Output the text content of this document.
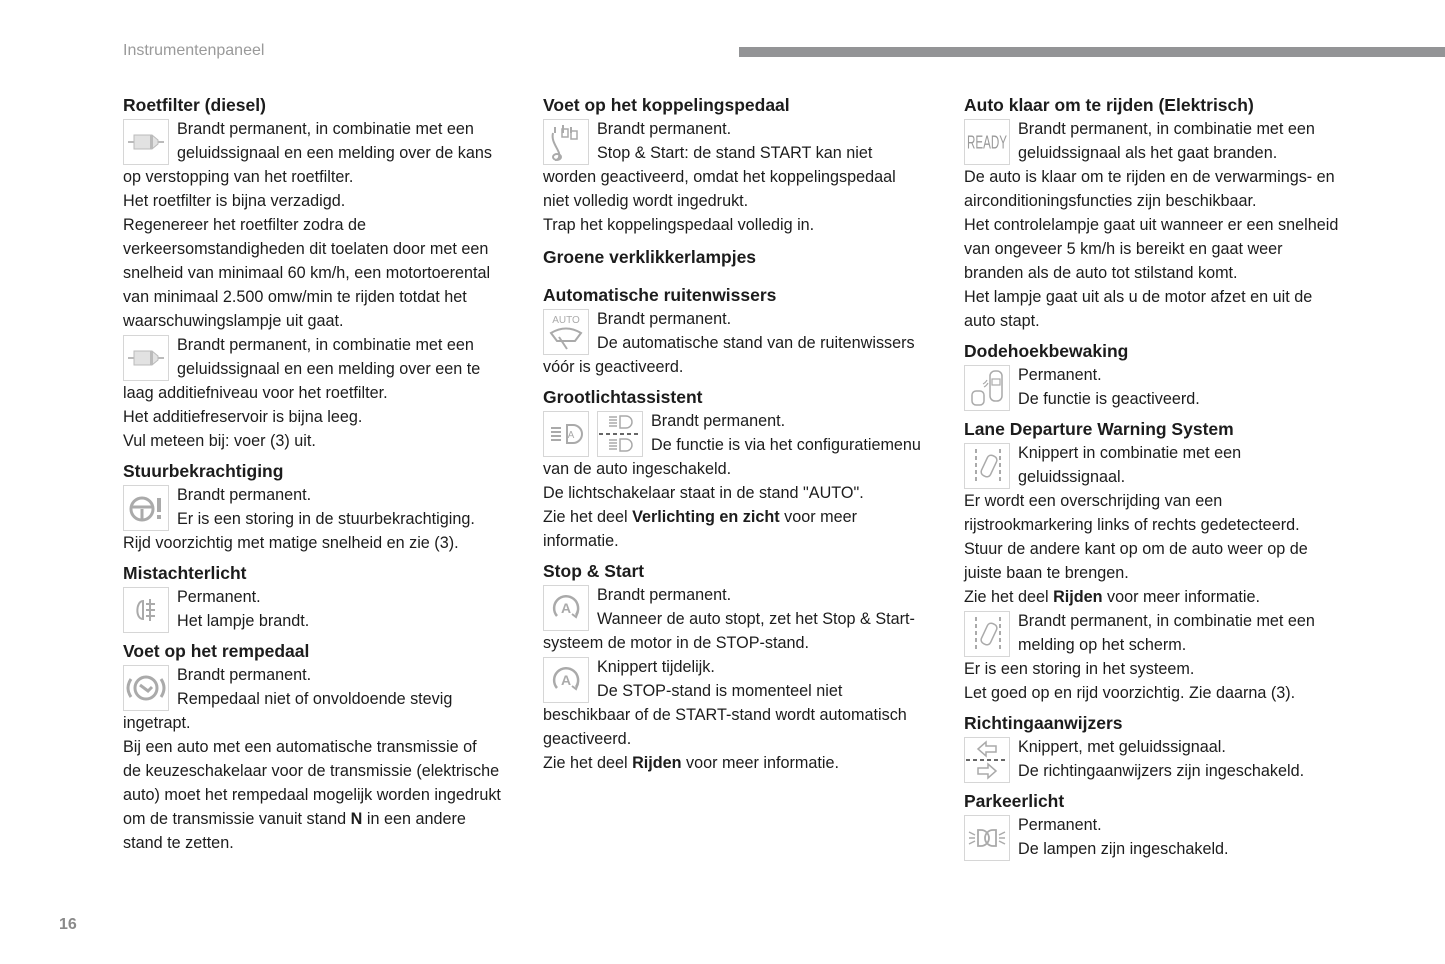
Instrumentenpaneel
16
Roetfilter (diesel)
Brandt permanent, in combinatie met een
geluidssignaal en een melding over de kans
op verstopping van het roetfilter.
Het roetfilter is bijna verzadigd.
Regenereer het roetfilter zodra de
verkeersomstandigheden dit toelaten door met een
snelheid van minimaal 60 km/h, een motortoerental
van minimaal 2.500 omw/min te rijden totdat het
waarschuwingslampje uit gaat.
Brandt permanent, in combinatie met een
geluidssignaal en een melding over een te
laag additiefniveau voor het roetfilter.
Het additiefreservoir is bijna leeg.
Vul meteen bij: voer (3) uit.
Stuurbekrachtiging
Brandt permanent.
Er is een storing in de stuurbekrachtiging.
Rijd voorzichtig met matige snelheid en zie (3).
Mistachterlicht
Permanent.
Het lampje brandt.
Voet op het rempedaal
Brandt permanent.
Rempedaal niet of onvoldoende stevig
ingetrapt.
Bij een auto met een automatische transmissie of
de keuzeschakelaar voor de transmissie (elektrische
auto) moet het rempedaal mogelijk worden ingedrukt
om de transmissie vanuit stand N in een andere
stand te zetten.
Voet op het koppelingspedaal
Brandt permanent.
Stop & Start: de stand START kan niet
worden geactiveerd, omdat het koppelingspedaal
niet volledig wordt ingedrukt.
Trap het koppelingspedaal volledig in.
Groene verklikkerlampjes
Automatische ruitenwissers
AUTO	Brandt permanent.
De automatische stand van de ruitenwissers
vóór is geactiveerd.
Grootlichtassistent
A
Brandt permanent.
De functie is via het configuratiemenu
van de auto ingeschakeld.
De lichtschakelaar staat in de stand "AUTO".
Zie het deel Verlichting en zicht voor meer
informatie.
Stop & Start
A
Brandt permanent.
Wanneer de auto stopt, zet het Stop & Start-
systeem de motor in de STOP-stand.
A
Knippert tijdelijk.
De STOP-stand is momenteel niet
beschikbaar of de START-stand wordt automatisch
geactiveerd.
Zie het deel Rijden voor meer informatie.
Auto klaar om te rijden (Elektrisch)
READY
Brandt permanent, in combinatie met een
geluidssignaal als het gaat branden.
De auto is klaar om te rijden en de verwarmings- en
airconditioningsfuncties zijn beschikbaar.
Het controlelampje gaat uit wanneer er een snelheid
van ongeveer 5 km/h is bereikt en gaat weer
branden als de auto tot stilstand komt.
Het lampje gaat uit als u de motor afzet en uit de
auto stapt.
Dodehoekbewaking
Permanent.
De functie is geactiveerd.
Lane Departure Warning System
Knippert in combinatie met een
geluidssignaal.
Er wordt een overschrijding van een
rijstrookmarkering links of rechts gedetecteerd.
Stuur de andere kant op om de auto weer op de
juiste baan te brengen.
Zie het deel Rijden voor meer informatie.
Brandt permanent, in combinatie met een
melding op het scherm.
Er is een storing in het systeem.
Let goed op en rijd voorzichtig. Zie daarna (3).
Richtingaanwijzers
Knippert, met geluidssignaal.
De richtingaanwijzers zijn ingeschakeld.
Parkeerlicht
Permanent.
De lampen zijn ingeschakeld.
